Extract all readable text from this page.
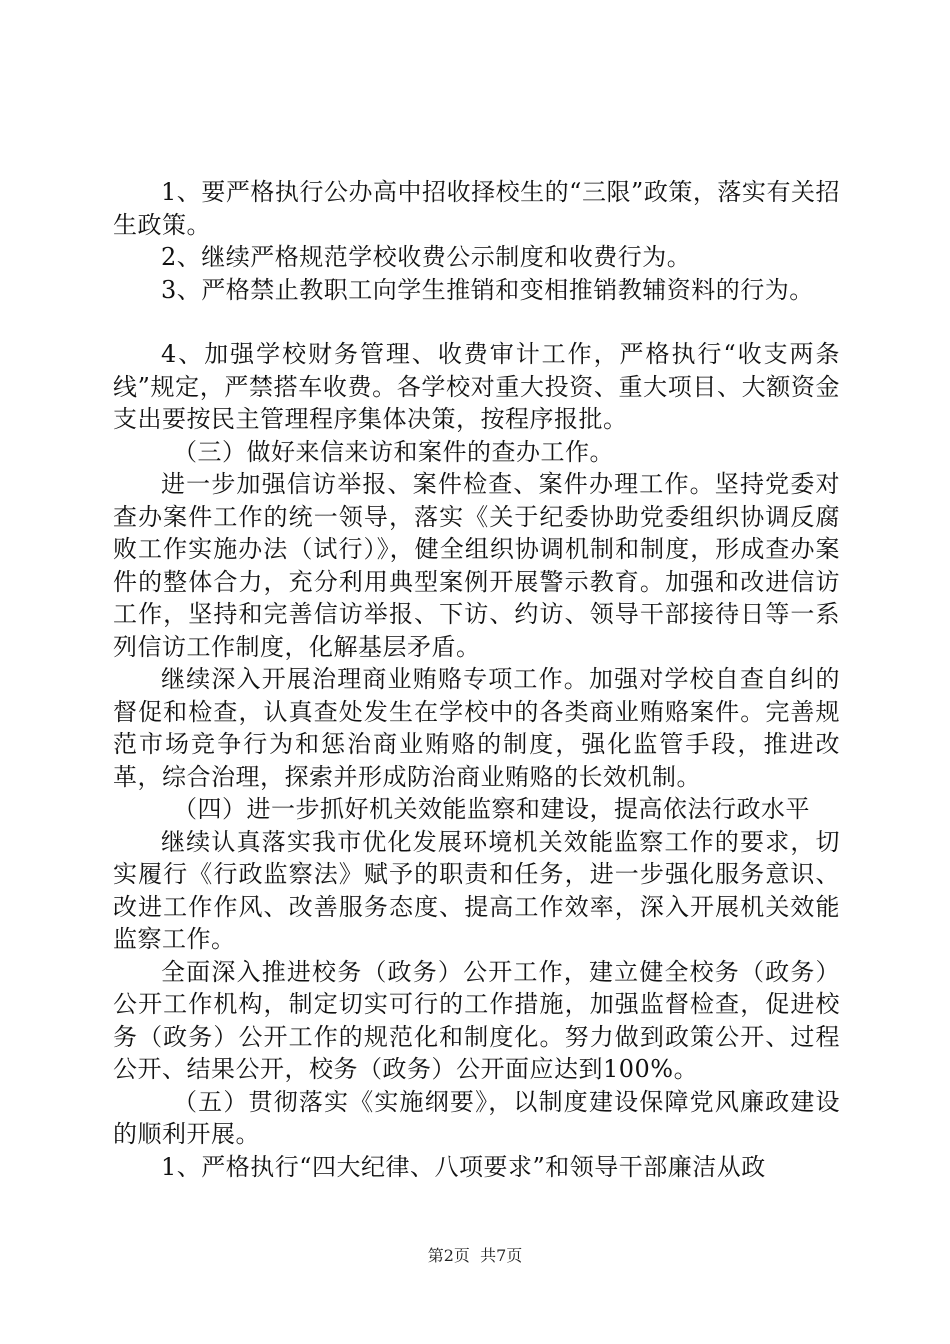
1、要严格执行公办高中招收择校生的“三限”政策，落实有关招生政策。

2、继续严格规范学校收费公示制度和收费行为。

3、严格禁止教职工向学生推销和变相推销教辅资料的行为。

4、加强学校财务管理、收费审计工作，严格执行“收支两条线”规定，严禁搭车收费。各学校对重大投资、重大项目、大额资金支出要按民主管理程序集体决策，按程序报批。

（三）做好来信来访和案件的查办工作。

进一步加强信访举报、案件检查、案件办理工作。坚持党委对查办案件工作的统一领导，落实《关于纪委协助党委组织协调反腐败工作实施办法（试行）》，健全组织协调机制和制度，形成查办案件的整体合力，充分利用典型案例开展警示教育。加强和改进信访工作，坚持和完善信访举报、下访、约访、领导干部接待日等一系列信访工作制度，化解基层矛盾。

继续深入开展治理商业贿赂专项工作。加强对学校自查自纠的督促和检查，认真查处发生在学校中的各类商业贿赂案件。完善规范市场竞争行为和惩治商业贿赂的制度，强化监管手段，推进改革，综合治理，探索并形成防治商业贿赂的长效机制。

（四）进一步抓好机关效能监察和建设，提高依法行政水平

继续认真落实我市优化发展环境机关效能监察工作的要求，切实履行《行政监察法》赋予的职责和任务，进一步强化服务意识、改进工作作风、改善服务态度、提高工作效率，深入开展机关效能监察工作。

全面深入推进校务（政务）公开工作，建立健全校务（政务）公开工作机构，制定切实可行的工作措施，加强监督检查，促进校务（政务）公开工作的规范化和制度化。努力做到政策公开、过程公开、结果公开，校务（政务）公开面应达到100%。

（五）贯彻落实《实施纲要》，以制度建设保障党风廉政建设的顺利开展。

1、严格执行“四大纪律、八项要求”和领导干部廉洁从政

第2页  共7页
